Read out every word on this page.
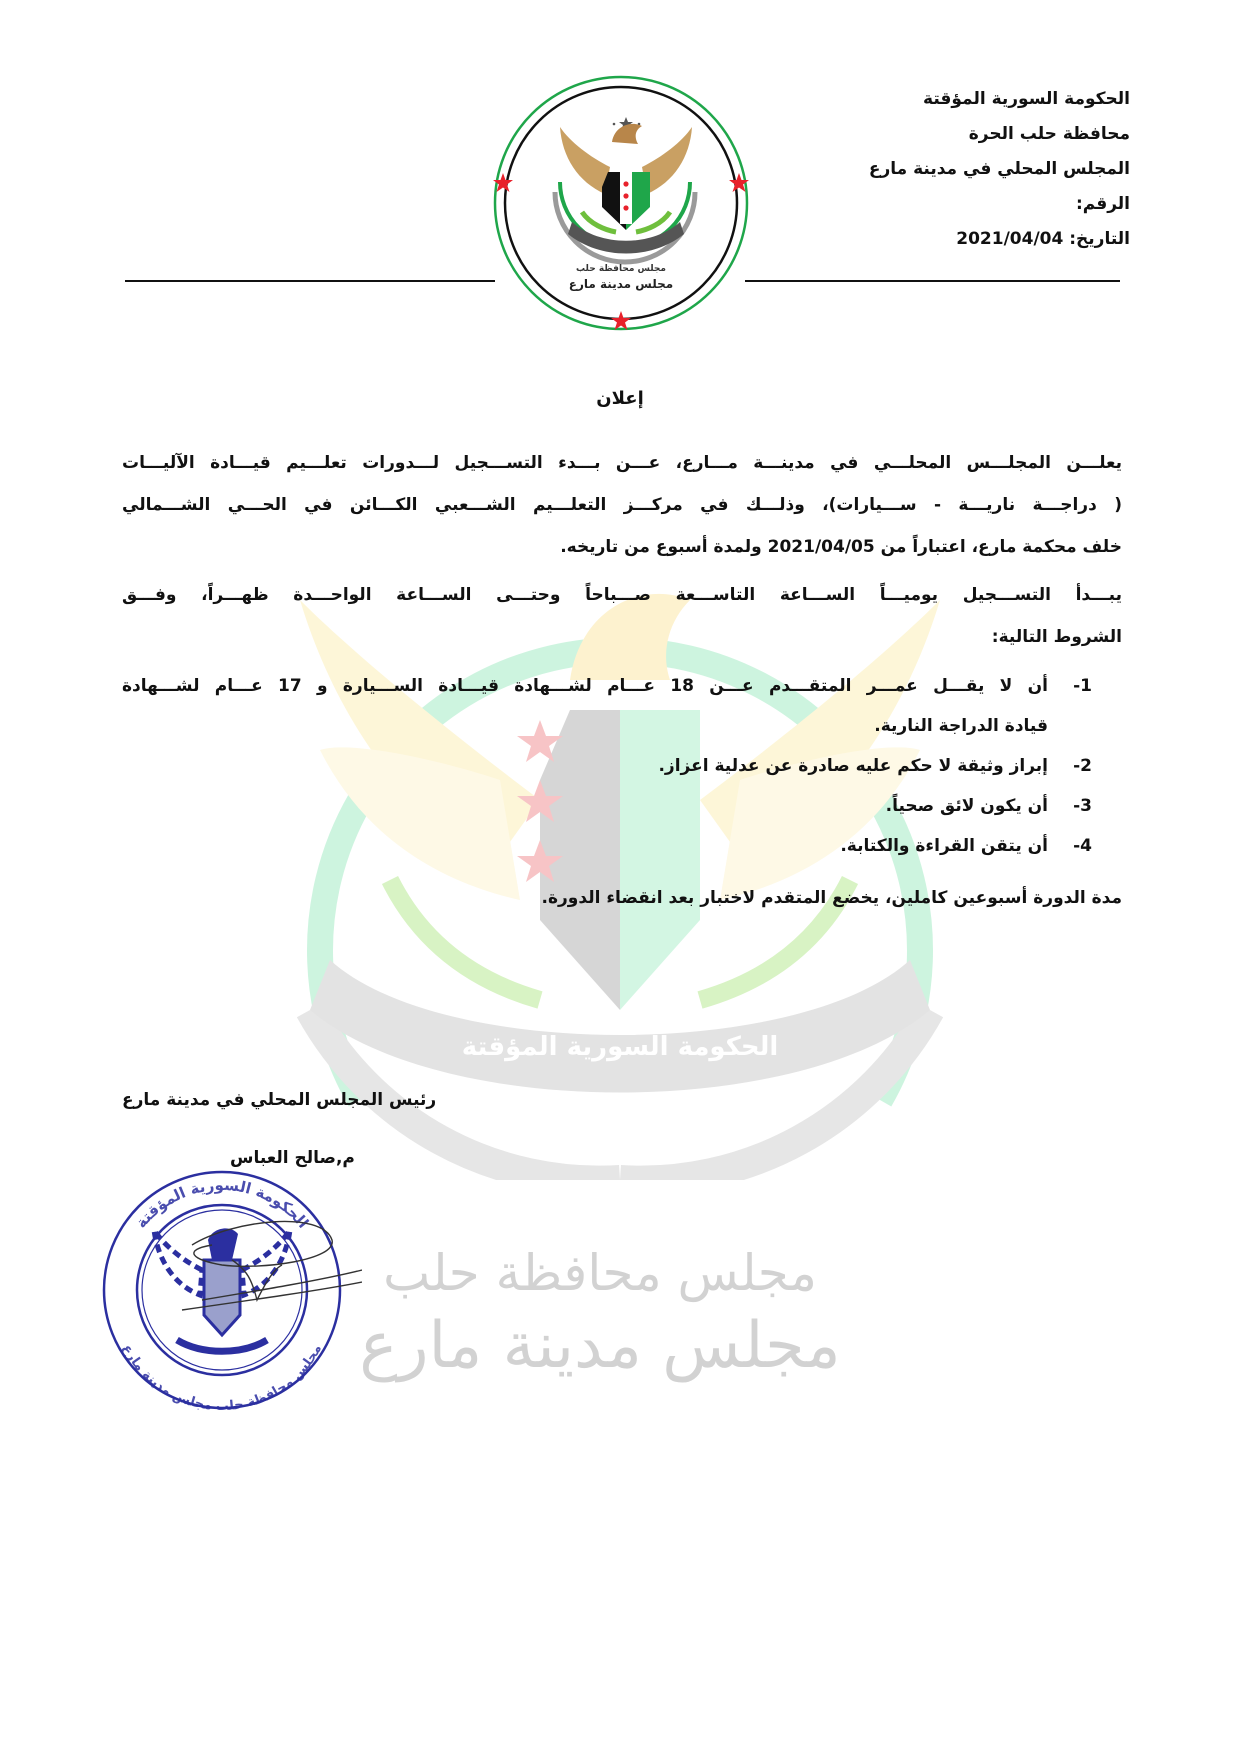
الحكومة السورية المؤقتة
الحكومة السورية المؤقتة
محافظة حلب الحرة
المجلس المحلي في مدينة مارع
الرقم:
التاريخ: 2021/04/04
مجلس محافظة حلب
مجلس مدينة مارع
إعلان

يعلـــن المجلـــس المحلـــي في مدينـــة مـــارع، عـــن بـــدء التســـجيل لـــدورات تعلـــيم قيـــادة الآليـــات
( دراجـــة ناريـــة - ســـيارات)، وذلـــك في مركـــز التعلـــيم الشـــعبي الكـــائن في الحـــي الشـــمالي
خلف محكمة مارع، اعتباراً من 2021/04/05 ولمدة أسبوع من تاريخه.

يبـــدأ التســـجيل يوميـــاً الســـاعة التاســـعة صـــباحاً وحتـــى الســـاعة الواحـــدة ظهـــراً، وفـــق
الشروط التالية:

-1
أن لا يقـــل عمـــر المتقـــدم عـــن 18 عـــام لشـــهادة قيـــادة الســـيارة و 17 عـــام لشـــهادة
قيادة الدراجة النارية.
-2
إبراز وثيقة لا حكم عليه صادرة عن عدلية اعزاز.
-3
أن يكون لائق صحياً.
-4
أن يتقن القراءة والكتابة.
مدة الدورة أسبوعين كاملين، يخضع المتقدم لاختبار بعد انقضاء الدورة.
رئيس المجلس المحلي في مدينة مارع
م,صالح العباس
مجلس محافظة حلب
مجلس مدينة مارع
الحكومة السورية المؤقتة
مجلس محافظة حلب مجلس مدينة مارع
